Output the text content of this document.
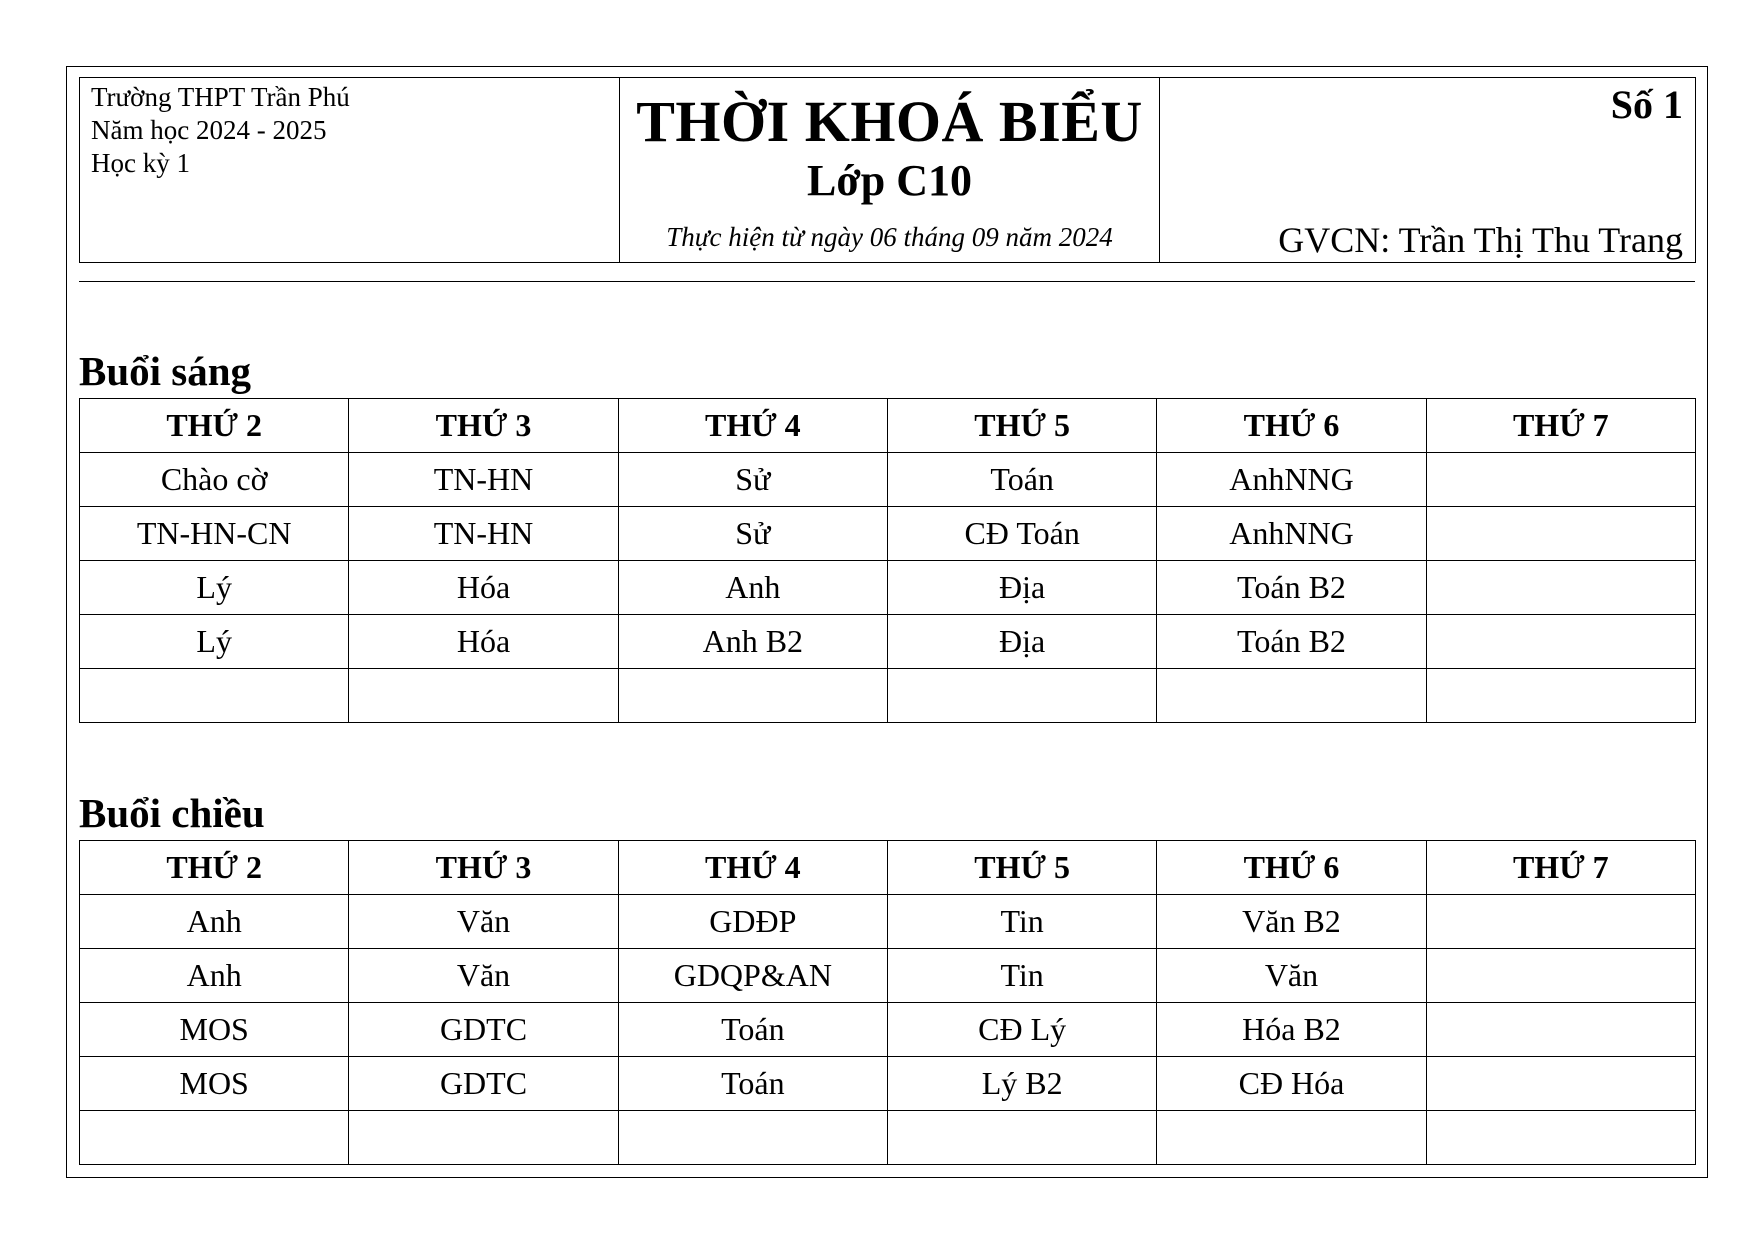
Trường THPT Trần Phú
Năm học 2024 - 2025
Học kỳ 1

THỜI KHOÁ BIỂU
Lớp C10
Thực hiện từ ngày 06 tháng 09 năm 2024

Số 1
GVCN: Trần Thị Thu Trang
Buổi sáng
THỨ 2	THỨ 3	THỨ 4	THỨ 5	THỨ 6	THỨ 7
Chào cờ	TN-HN	Sử	Toán	AnhNNG	
TN-HN-CN	TN-HN	Sử	CĐ Toán	AnhNNG	
Lý	Hóa	Anh	Địa	Toán B2	
Lý	Hóa	Anh B2	Địa	Toán B2	

Buổi chiều
THỨ 2	THỨ 3	THỨ 4	THỨ 5	THỨ 6	THỨ 7
Anh	Văn	GDĐP	Tin	Văn B2	
Anh	Văn	GDQP&AN	Tin	Văn	
MOS	GDTC	Toán	CĐ Lý	Hóa B2	
MOS	GDTC	Toán	Lý B2	CĐ Hóa	
